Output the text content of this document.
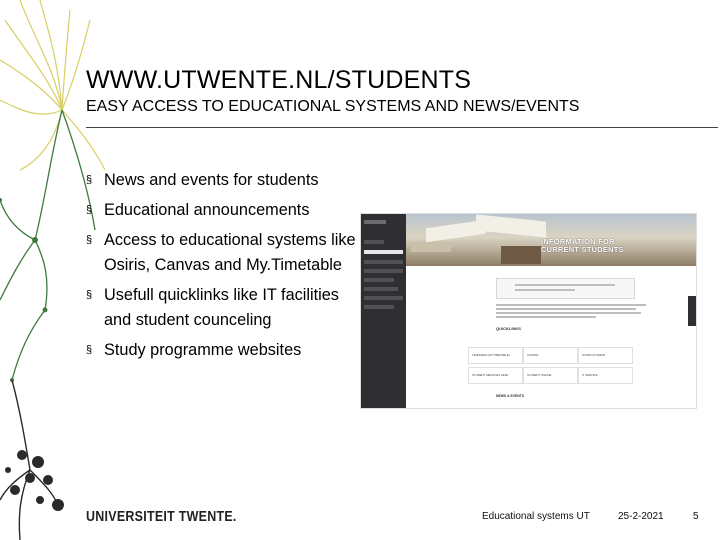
WWW.UTWENTE.NL/STUDENTS
EASY ACCESS TO EDUCATIONAL SYSTEMS AND NEWS/EVENTS
§ News and events for students
§ Educational announcements
§ Access to educational systems like Osiris, Canvas and My.Timetable
§ Usefull quicklinks like IT facilities and student counceling
§ Study programme websites
INFORMATION FOR
CURRENT STUDENTS
QUICKLINKS
TIMETABLE (MYTIMETABLE)	CANVAS	OSIRIS STUDENT
STUDENT SERVICES DESK	STUDENT ONLINE	IT SERVICE
NEWS & EVENTS
UNIVERSITEIT TWENTE.	Educational systems UT	25-2-2021	5
